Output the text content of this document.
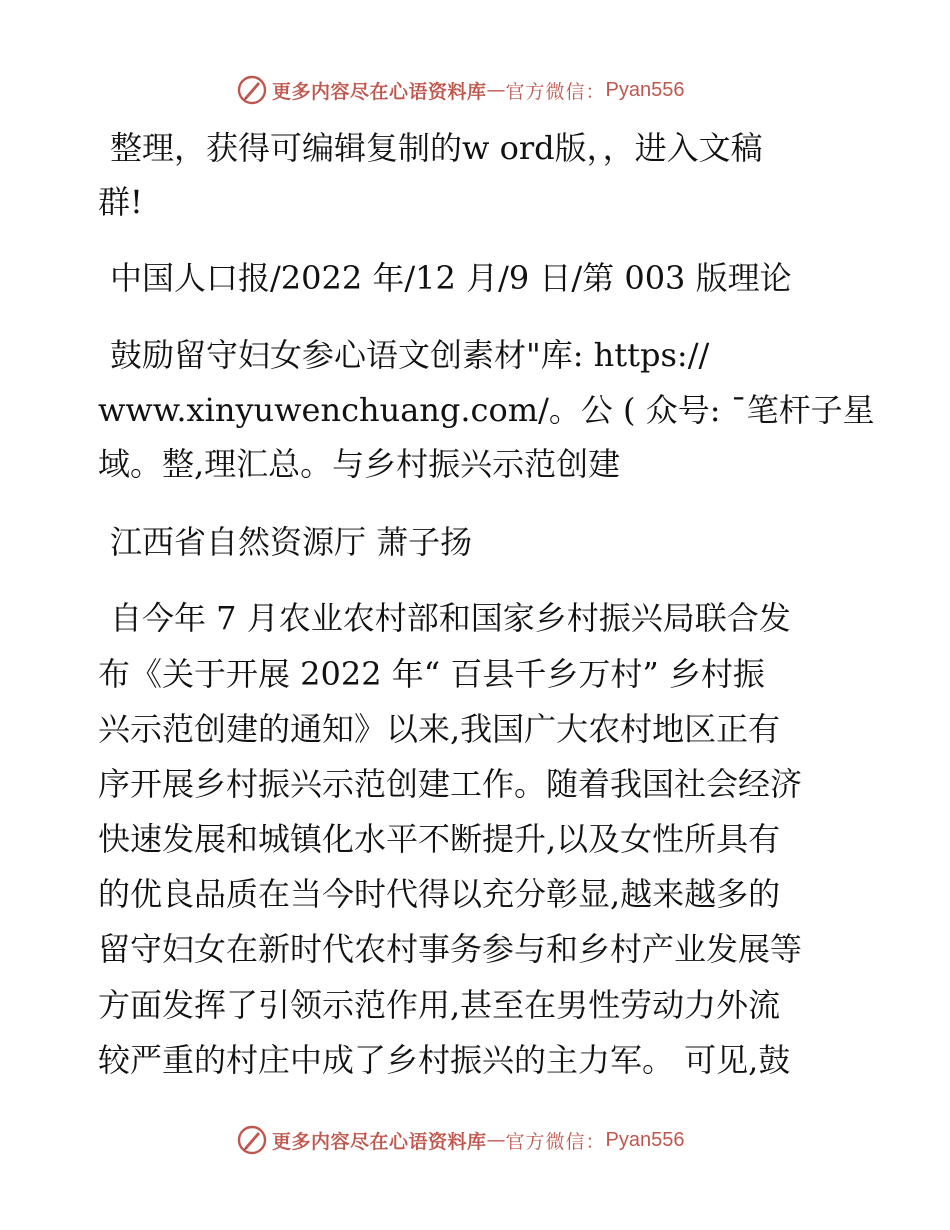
更多内容尽在心语资料库 — 官方微信： Pyan556
整理，获得可编辑复制的w ord版，，进入文稿
群!
中国人口报/2022 年/12 月/9 日/第 003 版理论
鼓励留守妇女参心语文创素材"库: https://
www.xinyuwenchuang.com/。公 ( 众号: ¯笔杆子星
域。整,理汇总。与乡村振兴示范创建
江西省自然资源厅 萧子扬
自今年 7 月农业农村部和国家乡村振兴局联合发
布《关于开展 2022 年“ 百县千乡万村” 乡村振
兴示范创建的通知》以来,我国广大农村地区正有
序开展乡村振兴示范创建工作。随着我国社会经济
快速发展和城镇化水平不断提升,以及女性所具有
的优良品质在当今时代得以充分彰显,越来越多的
留守妇女在新时代农村事务参与和乡村产业发展等
方面发挥了引领示范作用,甚至在男性劳动力外流
较严重的村庄中成了乡村振兴的主力军。 可见,鼓
更多内容尽在心语资料库 — 官方微信： Pyan556
